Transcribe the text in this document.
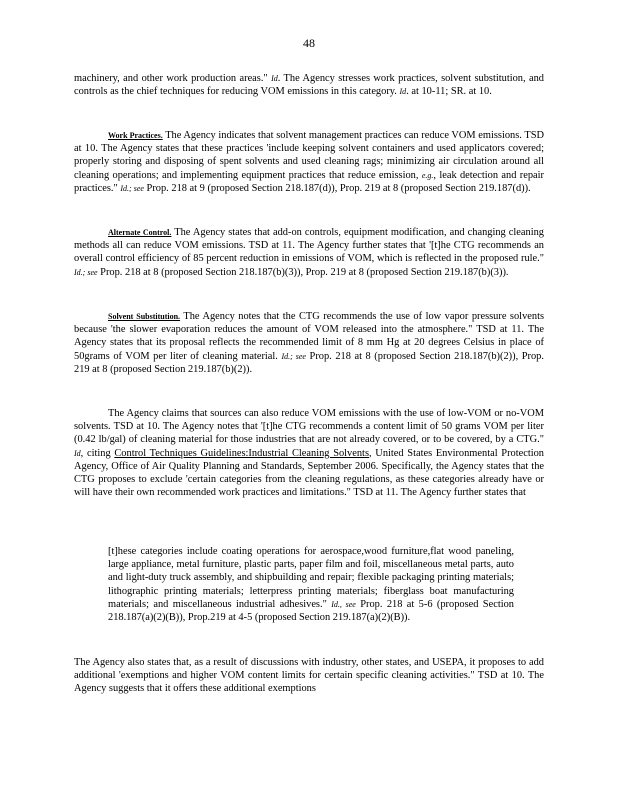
48
machinery, and other work production areas." Id. The Agency stresses work practices, solvent substitution, and controls as the chief techniques for reducing VOM emissions in this category. Id. at 10-11; SR. at 10.
Work Practices. The Agency indicates that solvent management practices can reduce VOM emissions. TSD at 10. The Agency states that these practices 'include keeping solvent containers and used applicators covered; properly storing and disposing of spent solvents and used cleaning rags; minimizing air circulation around all cleaning operations; and implementing equipment practices that reduce emission, e.g., leak detection and repair practices." Id.; see Prop. 218 at 9 (proposed Section 218.187(d)), Prop. 219 at 8 (proposed Section 219.187(d)).
Alternate Control. The Agency states that add-on controls, equipment modification, and changing cleaning methods all can reduce VOM emissions. TSD at 11. The Agency further states that '[t]he CTG recommends an overall control efficiency of 85 percent reduction in emissions of VOM, which is reflected in the proposed rule." Id.; see Prop. 218 at 8 (proposed Section 218.187(b)(3)), Prop. 219 at 8 (proposed Section 219.187(b)(3)).
Solvent Substitution. The Agency notes that the CTG recommends the use of low vapor pressure solvents because 'the slower evaporation reduces the amount of VOM released into the atmosphere." TSD at 11. The Agency states that its proposal reflects the recommended limit of 8 mm Hg at 20 degrees Celsius in place of 50grams of VOM per liter of cleaning material. Id.; see Prop. 218 at 8 (proposed Section 218.187(b)(2)), Prop. 219 at 8 (proposed Section 219.187(b)(2)).
The Agency claims that sources can also reduce VOM emissions with the use of low-VOM or no-VOM solvents. TSD at 10. The Agency notes that '[t]he CTG recommends a content limit of 50 grams VOM per liter (0.42 lb/gal) of cleaning material for those industries that are not already covered, or to be covered, by a CTG." Id, citing Control Techniques Guidelines:Industrial Cleaning Solvents, United States Environmental Protection Agency, Office of Air Quality Planning and Standards, September 2006. Specifically, the Agency states that the CTG proposes to exclude 'certain categories from the cleaning regulations, as these categories already have or will have their own recommended work practices and limitations." TSD at 11. The Agency further states that
[t]hese categories include coating operations for aerospace,wood furniture,flat wood paneling, large appliance, metal furniture, plastic parts, paper film and foil, miscellaneous metal parts, auto and light-duty truck assembly, and shipbuilding and repair; flexible packaging printing materials; lithographic printing materials; letterpress printing materials; fiberglass boat manufacturing materials; and miscellaneous industrial adhesives." Id., see Prop. 218 at 5-6 (proposed Section 218.187(a)(2)(B)), Prop.219 at 4-5 (proposed Section 219.187(a)(2)(B)).
The Agency also states that, as a result of discussions with industry, other states, and USEPA, it proposes to add additional 'exemptions and higher VOM content limits for certain specific cleaning activities." TSD at 10. The Agency suggests that it offers these additional exemptions
